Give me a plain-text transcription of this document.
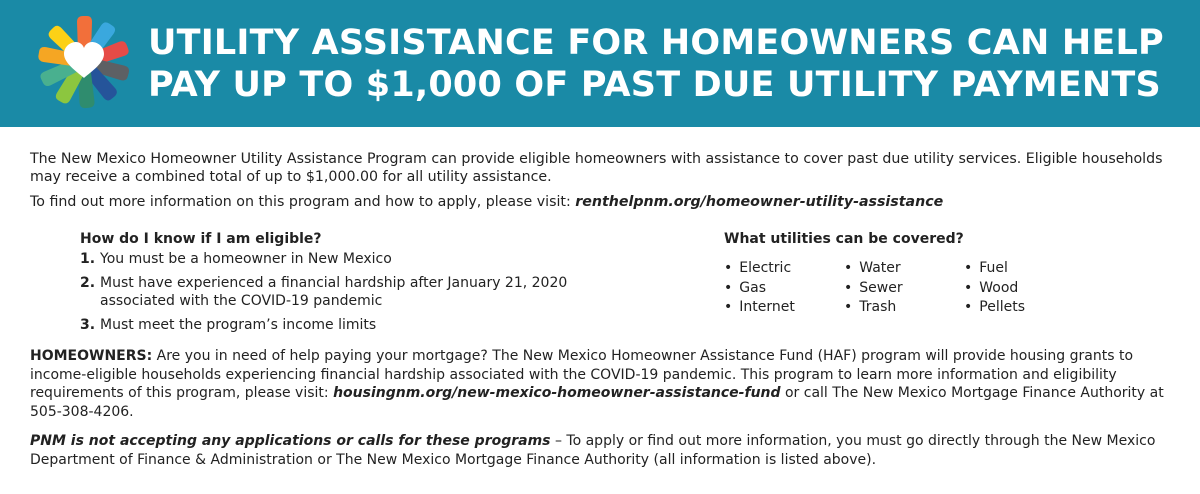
UTILITY ASSISTANCE FOR HOMEOWNERS CAN HELP
PAY UP TO $1,000 OF PAST DUE UTILITY PAYMENTS

The New Mexico Homeowner Utility Assistance Program can provide eligible homeowners with assistance to cover past due utility services. Eligible households may receive a combined total of up to $1,000.00 for all utility assistance.

To find out more information on this program and how to apply, please visit: renthelpnm.org/homeowner-utility-assistance

How do I know if I am eligible?

1. You must be a homeowner in New Mexico
2. Must have experienced a financial hardship after January 21, 2020 associated with the COVID-19 pandemic
3. Must meet the program’s income limits

What utilities can be covered?

• Electric	• Water	• Fuel
• Gas	• Sewer	• Wood
• Internet	• Trash	• Pellets

HOMEOWNERS: Are you in need of help paying your mortgage? The New Mexico Homeowner Assistance Fund (HAF) program will provide housing grants to income-eligible households experiencing financial hardship associated with the COVID-19 pandemic. This program to learn more information and eligibility requirements of this program, please visit: housingnm.org/new-mexico-homeowner-assistance-fund or call The New Mexico Mortgage Finance Authority at 505-308-4206.

PNM is not accepting any applications or calls for these programs – To apply or find out more information, you must go directly through the New Mexico Department of Finance & Administration or The New Mexico Mortgage Finance Authority (all information is listed above).
